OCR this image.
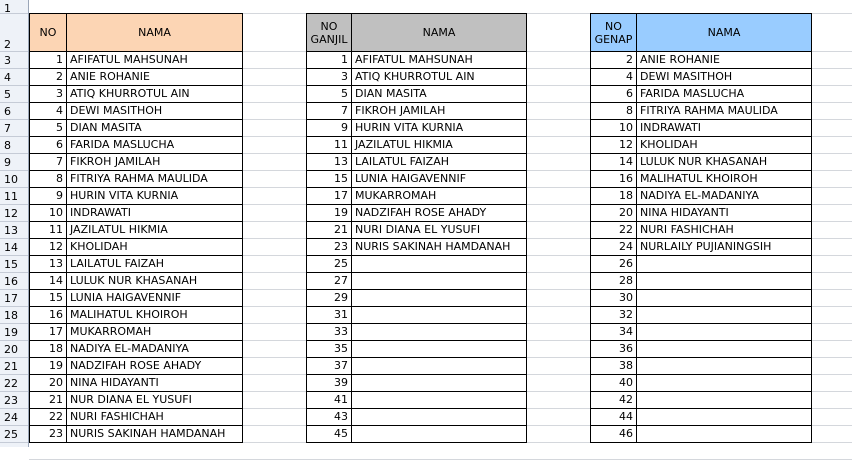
1
2
3
4
5
6
7
8
9
10
11
12
13
14
15
16
17
18
19
20
21
22
23
24
25
NO	NAMA
1 AFIFATUL MAHSUNAH
2 ANIE ROHANIE
3 ATIQ KHURROTUL AIN
4 DEWI MASITHOH
5 DIAN MASITA
6 FARIDA MASLUCHA
7 FIKROH JAMILAH
8 FITRIYA RAHMA MAULIDA
9 HURIN VITA KURNIA
10 INDRAWATI
11 JAZILATUL HIKMIA
12 KHOLIDAH
13 LAILATUL FAIZAH
14 LULUK NUR KHASANAH
15 LUNIA HAIGAVENNIF
16 MALIHATUL KHOIROH
17 MUKARROMAH
18 NADIYA EL-MADANIYA
19 NADZIFAH ROSE AHADY
20 NINA HIDAYANTI
21 NUR DIANA EL YUSUFI
22 NURI FASHICHAH
23 NURIS SAKINAH HAMDANAH
NO
GANJIL	NAMA
1 AFIFATUL MAHSUNAH
3 ATIQ KHURROTUL AIN
5 DIAN MASITA
7 FIKROH JAMILAH
9 HURIN VITA KURNIA
11 JAZILATUL HIKMIA
13 LAILATUL FAIZAH
15 LUNIA HAIGAVENNIF
17 MUKARROMAH
19 NADZIFAH ROSE AHADY
21 NURI DIANA EL YUSUFI
23 NURIS SAKINAH HAMDANAH
25
27
29
31
33
35
37
39
41
43
45
NO
GENAP	NAMA
2 ANIE ROHANIE
4 DEWI MASITHOH
6 FARIDA MASLUCHA
8 FITRIYA RAHMA MAULIDA
10 INDRAWATI
12 KHOLIDAH
14 LULUK NUR KHASANAH
16 MALIHATUL KHOIROH
18 NADIYA EL-MADANIYA
20 NINA HIDAYANTI
22 NURI FASHICHAH
24 NURLAILY PUJIANINGSIH
26
28
30
32
34
36
38
40
42
44
46
